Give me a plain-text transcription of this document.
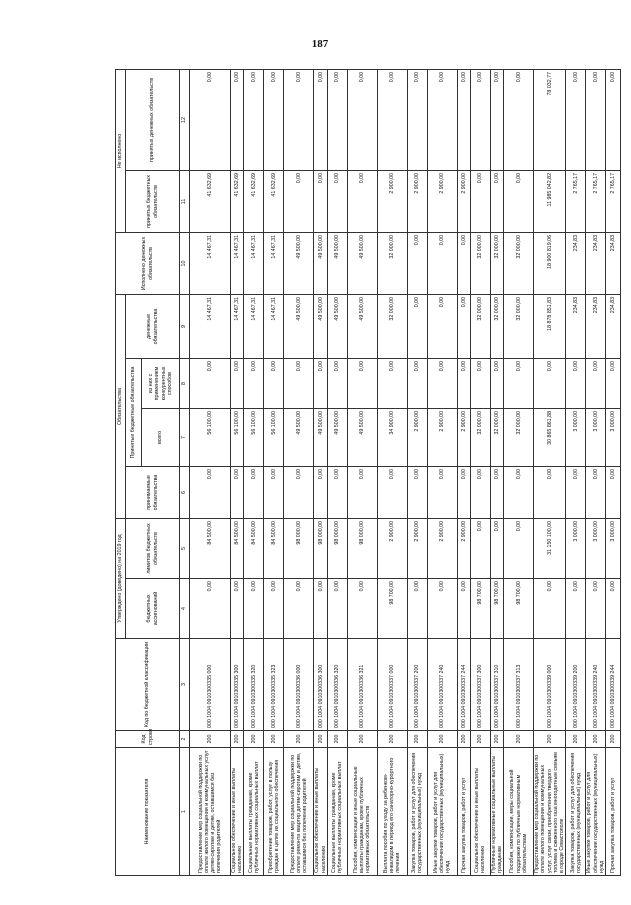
187
Наименование показателя	Код строки	Код по бюджетной классификации	Утверждено (доведено) на 2019 год		Обязательства				Исполнено денежных обязательств	Не исполнено	
			бюджетных ассигнований	лимитов бюджетных обязательств	принимаемые обязательства	Принятые бюджетные обязательства		денежные обязательства		принятых бюджетных обязательств	принятых денежных обязательств
						всего	из них с применением конкурентных способов				
1	2	3	4	5	6	7	8	9	10	11	12
Предоставление мер социальной поддержки по оплате жилого помещения и коммунальных услуг детям-сиротам и детям, оставшимся без попечения родителей	200	000 1004 0910300335 000	0,00	84 500,00	0,00	56 100,00	0,00	14 467,31	14 467,31	41 632,69	0,00
Социальное обеспечение и иные выплаты населению	200	000 1004 0910300335 300	0,00	84 500,00	0,00	56 100,00	0,00	14 467,31	14 467,31	41 632,69	0,00
Социальные выплаты гражданам, кроме публичных нормативных социальных выплат	200	000 1004 0910300335 320	0,00	84 500,00	0,00	56 100,00	0,00	14 467,31	14 467,31	41 632,69	0,00
Приобретение товаров, работ, услуг в пользу граждан в целях их социального обеспечения	200	000 1004 0910300335 323	0,00	84 500,00	0,00	56 100,00	0,00	14 467,31	14 467,31	41 632,69	0,00
Предоставление мер социальной поддержки по оплате ремонта квартир детям-сиротам и детям, оставшимся без попечения родителей	200	000 1004 0910300336 000	0,00	98 000,00	0,00	49 500,00	0,00	49 500,00	49 500,00	0,00	0,00
Социальное обеспечение и иные выплаты населению	200	000 1004 0910300336 300	0,00	98 000,00	0,00	49 500,00	0,00	49 500,00	49 500,00	0,00	0,00
Социальные выплаты гражданам, кроме публичных нормативных социальных выплат	200	000 1004 0910300336 320	0,00	98 000,00	0,00	49 500,00	0,00	49 500,00	49 500,00	0,00	0,00
Пособия, компенсации и иные социальные выплаты гражданам, кроме публичных нормативных обязательств	200	000 1004 0910300336 321	0,00	98 000,00	0,00	49 500,00	0,00	49 500,00	49 500,00	0,00	0,00
Выплата пособия по уходу за ребенком-инвалидом в период его санаторно-курортного лечения	200	000 1004 0910300337 000	98 700,00	2 900,00	0,00	34 900,00	0,00	32 000,00	32 000,00	2 900,00	0,00
Закупка товаров, работ и услуг для обеспечения государственных (муниципальных) нужд	200	000 1004 0910300337 200	0,00	2 900,00	0,00	2 900,00	0,00	0,00	0,00	2 900,00	0,00
Иные закупки товаров, работ и услуг для обеспечения государственных (муниципальных) нужд	200	000 1004 0910300337 240	0,00	2 900,00	0,00	2 900,00	0,00	0,00	0,00	2 900,00	0,00
Прочая закупка товаров, работ и услуг	200	000 1004 0910300337 244	0,00	2 900,00	0,00	2 900,00	0,00	0,00	0,00	2 900,00	0,00
Социальное обеспечение и иные выплаты населению	200	000 1004 0910300337 300	98 700,00	0,00	0,00	32 000,00	0,00	32 000,00	32 000,00	0,00	0,00
Публичные нормативные социальные выплаты гражданам	200	000 1004 0910300337 310	98 700,00	0,00	0,00	32 000,00	0,00	32 000,00	32 000,00	0,00	0,00
Пособия, компенсации, меры социальной поддержки по публичным нормативным обязательствам	200	000 1004 0910300337 313	98 700,00	0,00	0,00	32 000,00	0,00	32 000,00	32 000,00	0,00	0,00
Предоставление мер социальной поддержки по оплате жилого помещения и коммунальных услуг, услуг связи, приобретения твердого топлива и сжиженного газа многодетным семьям в городе Севастополе	200	000 1004 0910300339 000	0,00	31 150 100,00	0,00	30 865 861,88	0,00	18 878 851,83	18 900 819,06	11 985 042,82	78 032,77
Закупка товаров, работ и услуг для обеспечения государственных (муниципальных) нужд	200	000 1004 0910300339 200	0,00	3 000,00	0,00	3 000,00	0,00	234,83	234,83	2 765,17	0,00
Иные закупки товаров, работ и услуг для обеспечения государственных (муниципальных) нужд	200	000 1004 0910300339 240	0,00	3 000,00	0,00	3 000,00	0,00	234,83	234,83	2 765,17	0,00
Прочая закупка товаров, работ и услуг	200	000 1004 0910300339 244	0,00	3 000,00	0,00	3 000,00	0,00	234,83	234,83	2 765,17	0,00
